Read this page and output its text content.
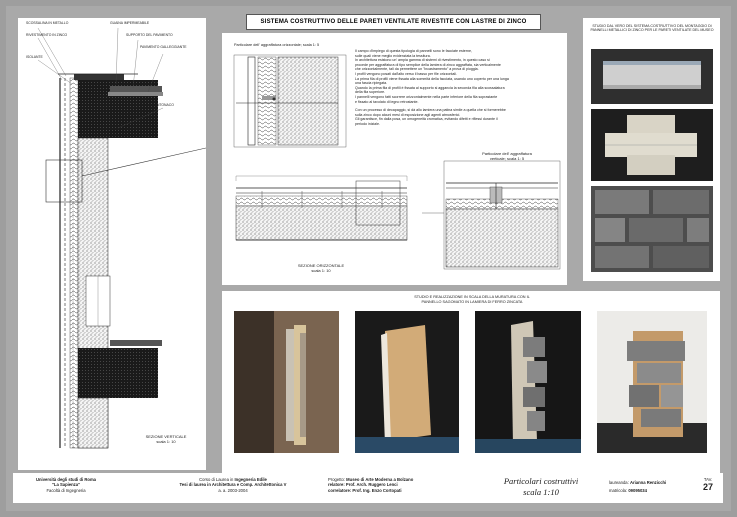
SISTEMA COSTRUTTIVO DELLE PARETI VENTILATE RIVESTITE CON LASTRE DI ZINCO
SCOSSALINA IN METALLO
RIVESTIMENTO IN ZINCO
GUAINA IMPERMEABILE
SUPPORTO DEL PAVIMENTO
PAVIMENTO GALLEGGIANTE
ISOLANTE
INTONACO
SEZIONE VERTICALE
scala 1: 10
Particolare dell' aggraffatura orizzontale; scala 1: 5
Il campo d'impiego di questa tipologia di pannelli sono le facciate esterne,
sulle quali viene meglio evidenziata la tessitura.
In architettura esistono un' ampia gamma di sistemi di rivestimento, in questo caso si
procede per aggraffatura di tipo semplice della lamiera di zinco aggraffata, sia verticalmente
che orizzontalmente, tali da permettere un "incastramento" a prova di pioggia.
I profili vengono posati dall'alto verso il basso per file orizzontali.
La prima fila di profili viene fissata alla sommità della facciata, usando uno coperto per una lunga
una fascia ripiegata.
Quando la prima fila di profili è fissata al supporto si aggancia la seconda fila alla scossalatura
della fila superiore.
I pannelli vengono fatti scorrere orizzontalmente nella parte inferiore della fila soprastante
e fissato al tavolato di legno retrostante.
Con un processo di decapaggio, si dà allo lamiera una patina simile a quella che si formerebbe
sulla zinco dopo alcuni mesi di esposizione agli agenti atmosferici.
Gli garantisce, fin dalla posa, un omogeneità cromatica, evitando difetti e riflessi durante il
periodo iniziale.
Particolare dell' aggraffatura
verticale; scala 1: 5
SEZIONE ORIZZONTALE
scala 1: 10
STUDIO DAL VERO DEL SISTEMA COSTRUTTIVO DEL MONTAGGIO DI PANNELLI METALLICI DI ZINCO PER LE PARETI VENTILATE DEL MUSEO
STUDIO E REALIZZAZIONE IN SCALA DELLA MURATURA CON IL
PANNELLO SAGOMATO IN LAMIERA DI FERRO ZINCATA
Università degli studi di Roma
"La Sapienza"
Facoltà di Ingegneria
Corso di Laurea in Ingegneria Edile
Tesi di laurea in Architettura e Comp. Architettonica V
a. a. 2003-2004
Progetto: Museo di Arte Moderna a Bolzano
relatore: Prof. Arch. Ruggero Lenci
correlatore: Prof. Ing. Enzo Cortopati
Particolari costruttivi
scala 1:10
laureanda: Arianna Renzicchi
matricola: 09095034
TAV.
27
